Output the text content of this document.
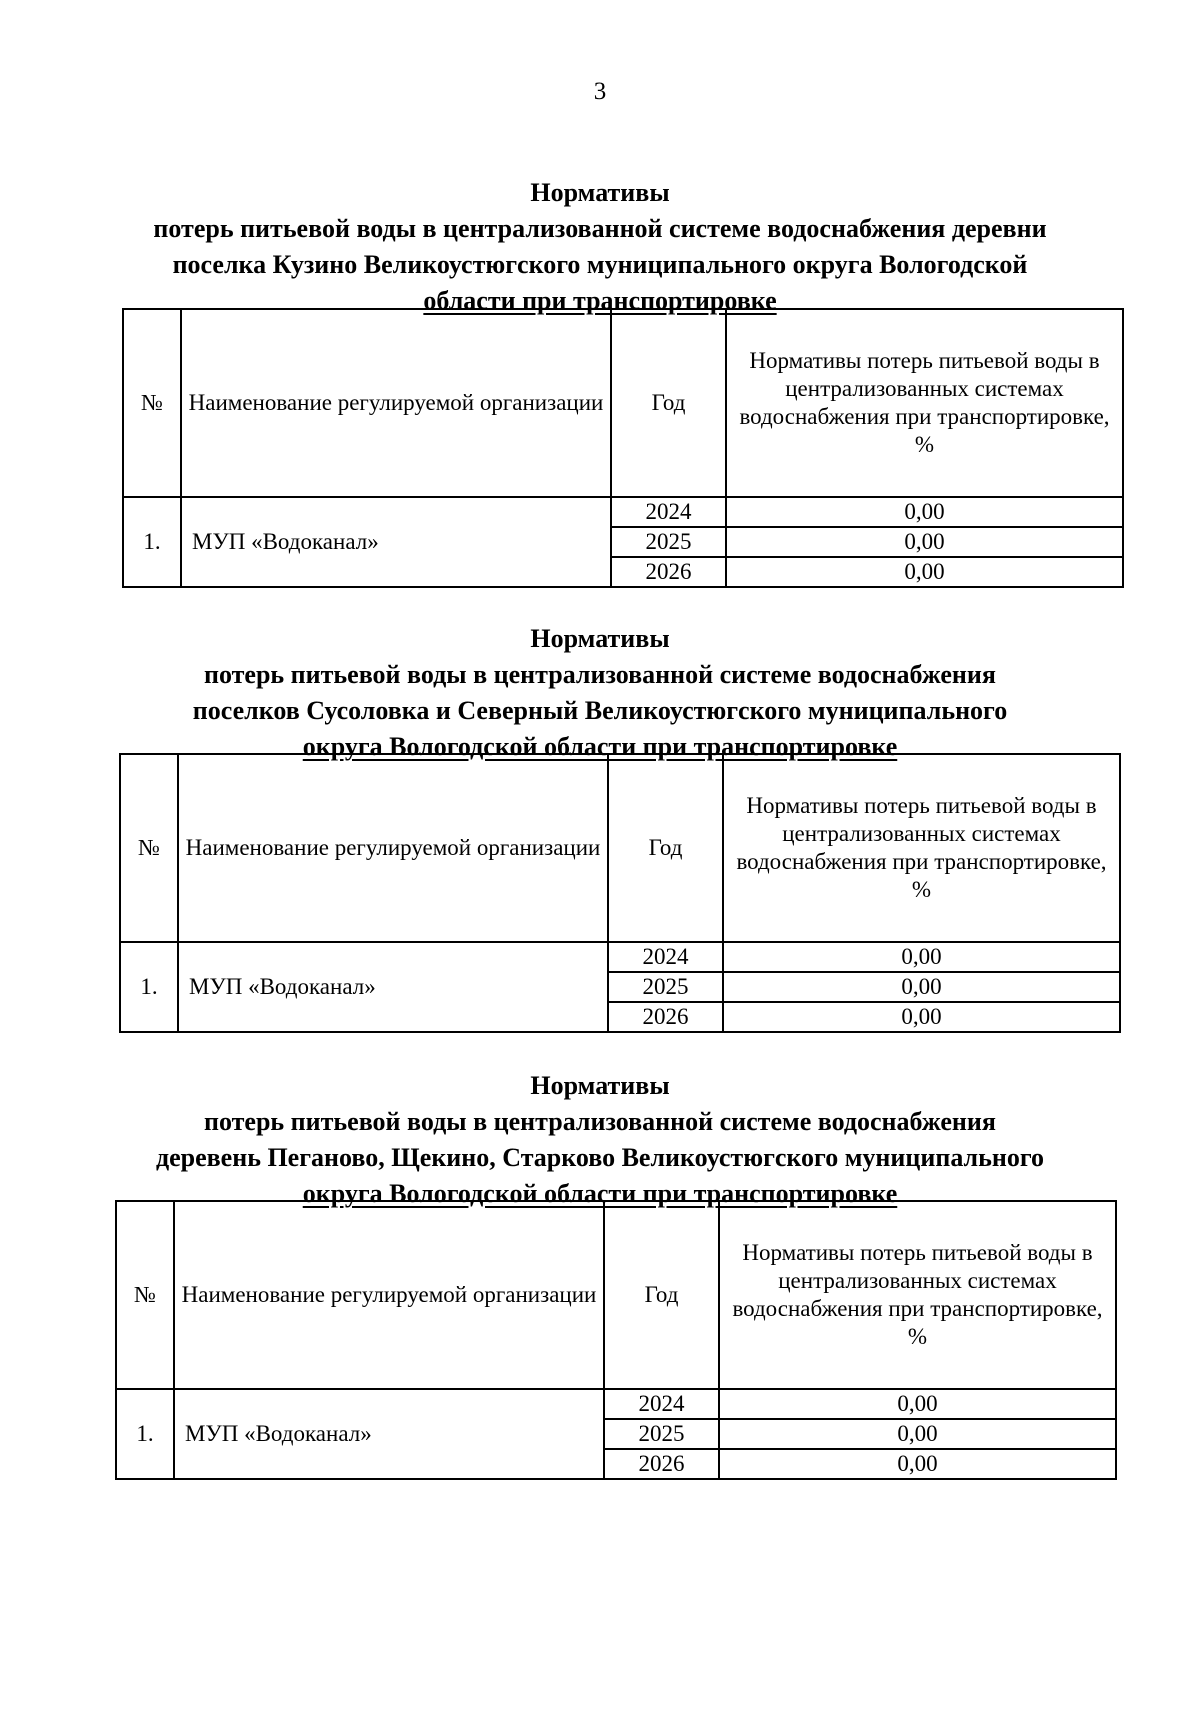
3
Нормативы
потерь питьевой воды в централизованной системе водоснабжения деревни
поселка Кузино Великоустюгского муниципального округа Вологодской
области при транспортировке
№	Наименование регулируемой организации	Год	Нормативы потерь питьевой воды в централизованных системах водоснабжения при транспортировке, %
1.	МУП «Водоканал»	2024	0,00
		2025	0,00
		2026	0,00
Нормативы
потерь питьевой воды в централизованной системе водоснабжения
поселков Сусоловка и Северный Великоустюгского муниципального
округа Вологодской области при транспортировке
№	Наименование регулируемой организации	Год	Нормативы потерь питьевой воды в централизованных системах водоснабжения при транспортировке, %
1.	МУП «Водоканал»	2024	0,00
		2025	0,00
		2026	0,00
Нормативы
потерь питьевой воды в централизованной системе водоснабжения
деревень Пеганово, Щекино, Старково Великоустюгского муниципального
округа Вологодской области при транспортировке
№	Наименование регулируемой организации	Год	Нормативы потерь питьевой воды в централизованных системах водоснабжения при транспортировке, %
1.	МУП «Водоканал»	2024	0,00
		2025	0,00
		2026	0,00
